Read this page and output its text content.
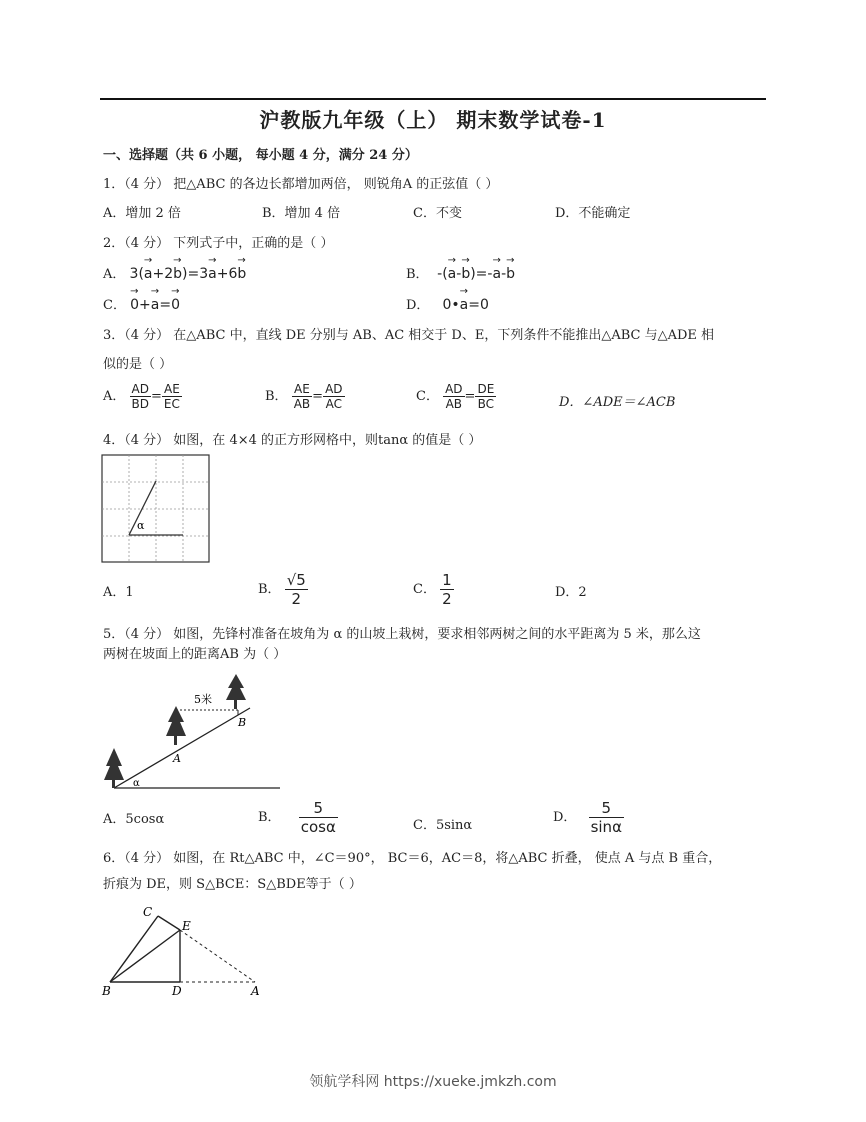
沪教版九年级（上） 期末数学试卷-1
一、选择题（共 6 小题， 每小题 4 分，满分 24 分）
1．（4 分） 把△ABC 的各边长都增加两倍， 则锐角A 的正弦值（ ）
A．增加 2 倍	B．增加 4 倍	C．不变	D．不能确定
2．（4 分） 下列式子中，正确的是（ ）
A． 3(→ a+2→ b)=3→ a+6→ b	B．  -(→ a-→ b)=-→ a-→ b
C． → 0+→ a=→ 0	D．   0•→ a=0
3．（4 分） 在△ABC 中，直线 DE 分别与 AB、AC 相交于 D、E，下列条件不能推出△ABC 与△ADE 相
似的是（ ）
A． $\frac{AD}{BD} = \frac{AE}{EC}$	B． $\frac{AE}{AB} = \frac{AD}{AC}$	C． $\frac{AD}{AB} = \frac{DE}{BC}$	D．∠ADE＝∠ACB
4．（4 分） 如图，在 4×4 的正方形网格中，则tanα 的值是（ ）
α
A．1	B． $\frac{√5}{2}$	C． $\frac{1}{2}$	D．2
5．（4 分） 如图，先锋村准备在坡角为 α 的山坡上栽树，要求相邻两树之间的水平距离为 5 米，那么这
两树在坡面上的距离AB 为（ ）
5米
A
B
α
A．5cosα	B． $\frac{5}{\cos\alpha}$	C．5sinα
D． $\frac{5}{\sin\alpha}$
6．（4 分） 如图，在 Rt△ABC 中，∠C＝90°， BC＝6，AC＝8，将△ABC 折叠， 使点 A 与点 B 重合，
折痕为 DE，则 S△BCE：S△BDE等于（ ）
C
E
B	D	A
领航学科网 https://xueke.jmkzh.com
